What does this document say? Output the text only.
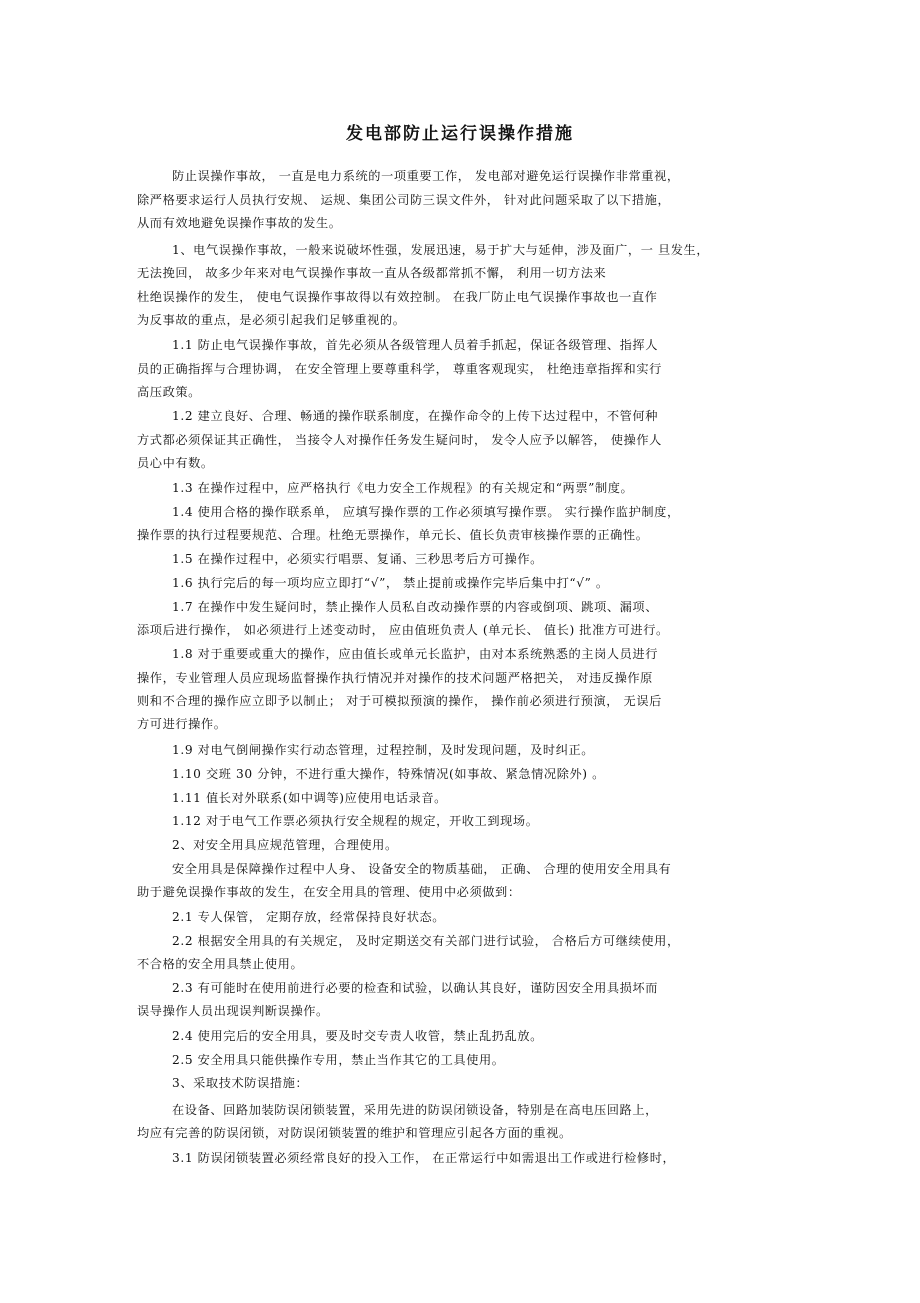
发电部防止运行误操作措施
防止误操作事故， 一直是电力系统的一项重要工作， 发电部对避免运行误操作非常重视，
除严格要求运行人员执行安规、 运规、集团公司防三误文件外， 针对此问题采取了以下措施，
从而有效地避免误操作事故的发生。
1、电气误操作事故，一般来说破坏性强，发展迅速，易于扩大与延伸，涉及面广，一 旦发生，
无法挽回， 故多少年来对电气误操作事故一直从各级都常抓不懈， 利用一切方法来
杜绝误操作的发生， 使电气误操作事故得以有效控制。 在我厂防止电气误操作事故也一直作
为反事故的重点，是必须引起我们足够重视的。
1.1 防止电气误操作事故，首先必须从各级管理人员着手抓起，保证各级管理、指挥人
员的正确指挥与合理协调， 在安全管理上要尊重科学， 尊重客观现实， 杜绝违章指挥和实行
高压政策。
1.2 建立良好、合理、畅通的操作联系制度，在操作命令的上传下达过程中，不管何种
方式都必须保证其正确性， 当接令人对操作任务发生疑问时， 发令人应予以解答， 使操作人
员心中有数。
1.3 在操作过程中，应严格执行《电力安全工作规程》的有关规定和“两票”制度。
1.4 使用合格的操作联系单， 应填写操作票的工作必须填写操作票。 实行操作监护制度，
操作票的执行过程要规范、合理。杜绝无票操作，单元长、值长负责审核操作票的正确性。
1.5 在操作过程中，必须实行唱票、复诵、三秒思考后方可操作。
1.6 执行完后的每一项均应立即打“√”， 禁止提前或操作完毕后集中打“√” 。
1.7 在操作中发生疑问时，禁止操作人员私自改动操作票的内容或倒项、跳项、漏项、
添项后进行操作， 如必须进行上述变动时， 应由值班负责人 (单元长、 值长) 批准方可进行。
1.8 对于重要或重大的操作，应由值长或单元长监护，由对本系统熟悉的主岗人员进行
操作，专业管理人员应现场监督操作执行情况并对操作的技术问题严格把关， 对违反操作原
则和不合理的操作应立即予以制止； 对于可模拟预演的操作， 操作前必须进行预演， 无误后
方可进行操作。
1.9 对电气倒闸操作实行动态管理，过程控制，及时发现问题，及时纠正。
1.10 交班 30 分钟，不进行重大操作，特殊情况(如事故、紧急情况除外) 。
1.11 值长对外联系(如中调等)应使用电话录音。
1.12 对于电气工作票必须执行安全规程的规定，开收工到现场。
2、对安全用具应规范管理，合理使用。
安全用具是保障操作过程中人身、 设备安全的物质基础， 正确、 合理的使用安全用具有
助于避免误操作事故的发生，在安全用具的管理、使用中必须做到：
2.1 专人保管， 定期存放，经常保持良好状态。
2.2 根据安全用具的有关规定， 及时定期送交有关部门进行试验， 合格后方可继续使用，
不合格的安全用具禁止使用。
2.3 有可能时在使用前进行必要的检查和试验，以确认其良好，谨防因安全用具损坏而
误导操作人员出现误判断误操作。
2.4 使用完后的安全用具，要及时交专责人收管，禁止乱扔乱放。
2.5 安全用具只能供操作专用，禁止当作其它的工具使用。
3、采取技术防误措施：
在设备、回路加装防误闭锁装置，采用先进的防误闭锁设备，特别是在高电压回路上，
均应有完善的防误闭锁，对防误闭锁装置的维护和管理应引起各方面的重视。
3.1 防误闭锁装置必须经常良好的投入工作， 在正常运行中如需退出工作或进行检修时，
